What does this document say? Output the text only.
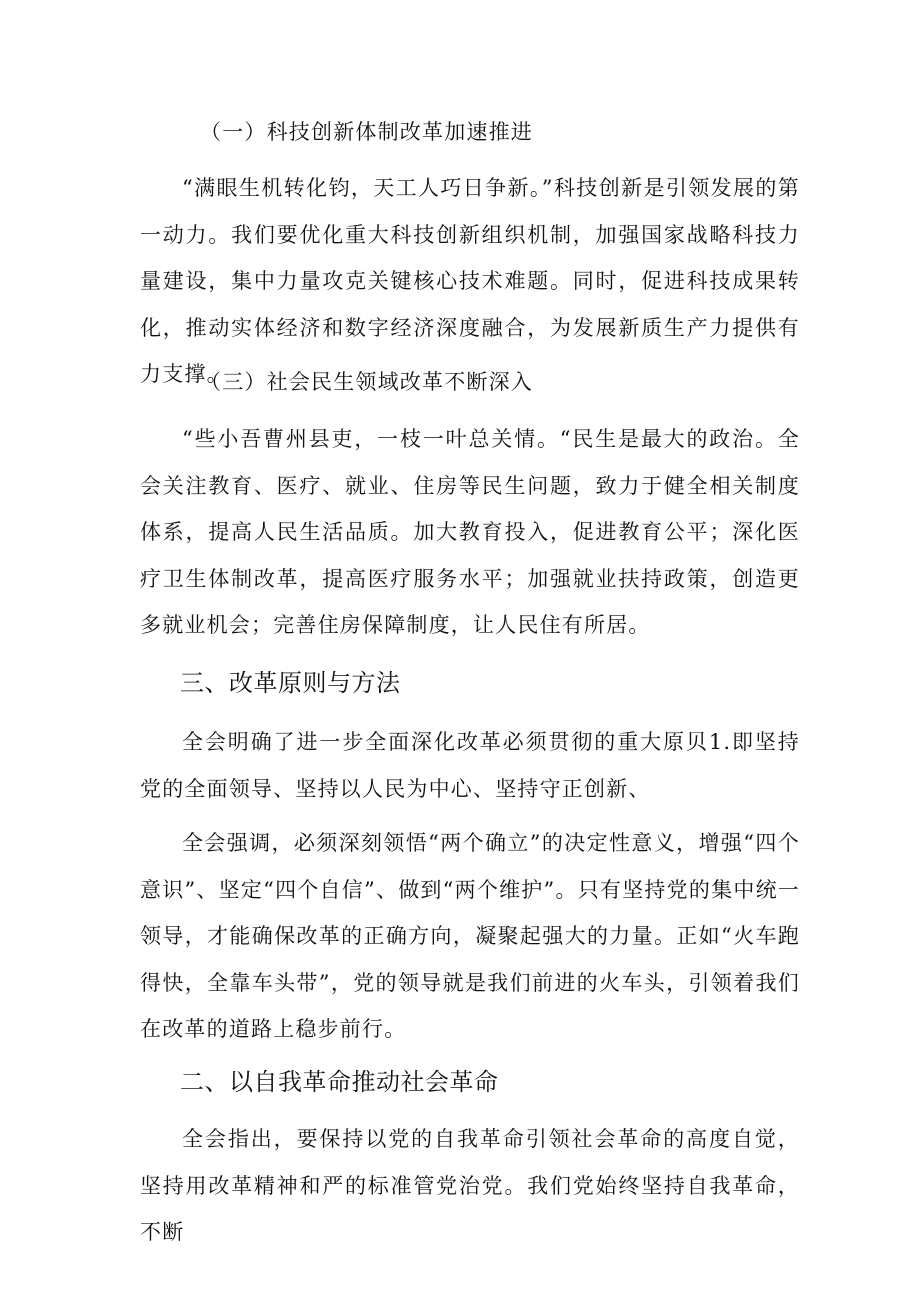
（一）科技创新体制改革加速推进

“满眼生机转化钧，天工人巧日争新。”科技创新是引领发展的第一动力。我们要优化重大科技创新组织机制，加强国家战略科技力量建设，集中力量攻克关键核心技术难题。同时，促进科技成果转化，推动实体经济和数字经济深度融合，为发展新质生产力提供有力支撑。

（三）社会民生领域改革不断深入

“些小吾曹州县吏，一枝一叶总关情。“民生是最大的政治。全会关注教育、医疗、就业、住房等民生问题，致力于健全相关制度体系，提高人民生活品质。加大教育投入，促进教育公平；深化医疗卫生体制改革，提高医疗服务水平；加强就业扶持政策，创造更多就业机会；完善住房保障制度，让人民住有所居。

三、改革原则与方法

全会明确了进一步全面深化改革必须贯彻的重大原贝1.即坚持党的全面领导、坚持以人民为中心、坚持守正创新、

全会强调，必须深刻领悟“两个确立”的决定性意义，增强“四个意识”、坚定“四个自信”、做到“两个维护”。只有坚持党的集中统一领导，才能确保改革的正确方向，凝聚起强大的力量。正如“火车跑得快，全靠车头带”，党的领导就是我们前进的火车头，引领着我们在改革的道路上稳步前行。

二、以自我革命推动社会革命

全会指出，要保持以党的自我革命引领社会革命的高度自觉，坚持用改革精神和严的标准管党治党。我们党始终坚持自我革命，不断
